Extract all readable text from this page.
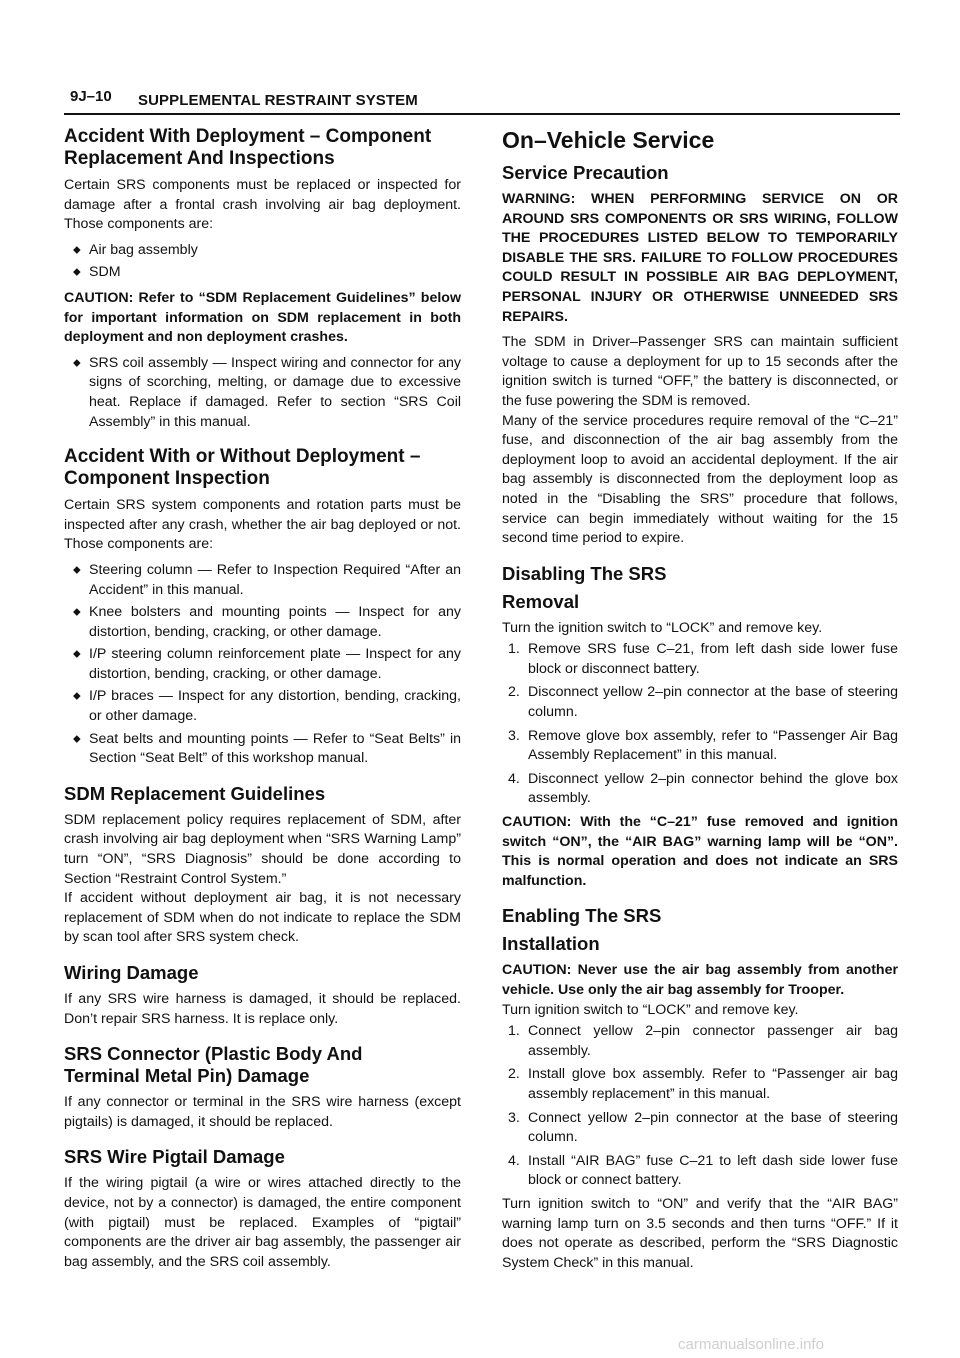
9J–10 SUPPLEMENTAL RESTRAINT SYSTEM
Accident With Deployment – Component
Replacement And Inspections

Certain SRS components must be replaced or inspected for damage after a frontal crash involving air bag deployment. Those components are:

⬥ Air bag assembly
⬥ SDM

CAUTION: Refer to “SDM Replacement Guidelines” below for important information on SDM replacement in both deployment and non deployment crashes.

⬥ SRS coil assembly — Inspect wiring and connector for any signs of scorching, melting, or damage due to excessive heat. Replace if damaged. Refer to section “SRS Coil Assembly” in this manual.
Accident With or Without Deployment –
Component Inspection

Certain SRS system components and rotation parts must be inspected after any crash, whether the air bag deployed or not. Those components are:

⬥ Steering column — Refer to Inspection Required “After an Accident” in this manual.
⬥ Knee bolsters and mounting points — Inspect for any distortion, bending, cracking, or other damage.
⬥ I/P steering column reinforcement plate — Inspect for any distortion, bending, cracking, or other damage.
⬥ I/P braces — Inspect for any distortion, bending, cracking, or other damage.
⬥ Seat belts and mounting points — Refer to “Seat Belts” in Section “Seat Belt” of this workshop manual.
SDM Replacement Guidelines

SDM replacement policy requires replacement of SDM, after crash involving air bag deployment when “SRS Warning Lamp” turn “ON”, “SRS Diagnosis” should be done according to Section “Restraint Control System.”

If accident without deployment air bag, it is not necessary replacement of SDM when do not indicate to replace the SDM by scan tool after SRS system check.

Wiring Damage

If any SRS wire harness is damaged, it should be replaced. Don’t repair SRS harness. It is replace only.

SRS Connector (Plastic Body And
Terminal Metal Pin) Damage

If any connector or terminal in the SRS wire harness (except pigtails) is damaged, it should be replaced.

SRS Wire Pigtail Damage

If the wiring pigtail (a wire or wires attached directly to the device, not by a connector) is damaged, the entire component (with pigtail) must be replaced. Examples of “pigtail” components are the driver air bag assembly, the passenger air bag assembly, and the SRS coil assembly.

On–Vehicle Service
Service Precaution
WARNING: WHEN PERFORMING SERVICE ON OR AROUND SRS COMPONENTS OR SRS WIRING, FOLLOW THE PROCEDURES LISTED BELOW TO TEMPORARILY DISABLE THE SRS. FAILURE TO FOLLOW PROCEDURES COULD RESULT IN POSSIBLE AIR BAG DEPLOYMENT, PERSONAL INJURY OR OTHERWISE UNNEEDED SRS REPAIRS.

The SDM in Driver–Passenger SRS can maintain sufficient voltage to cause a deployment for up to 15 seconds after the ignition switch is turned “OFF,” the battery is disconnected, or the fuse powering the SDM is removed.

Many of the service procedures require removal of the “C–21” fuse, and disconnection of the air bag assembly from the deployment loop to avoid an accidental deployment. If the air bag assembly is disconnected from the deployment loop as noted in the “Disabling the SRS” procedure that follows, service can begin immediately without waiting for the 15 second time period to expire.

Disabling The SRS
Removal

Turn the ignition switch to “LOCK” and remove key.

1. Remove SRS fuse C–21, from left dash side lower fuse block or disconnect battery.
2. Disconnect yellow 2–pin connector at the base of steering column.
3. Remove glove box assembly, refer to “Passenger Air Bag Assembly Replacement” in this manual.
4. Disconnect yellow 2–pin connector behind the glove box assembly.

CAUTION: With the “C–21” fuse removed and ignition switch “ON”, the “AIR BAG” warning lamp will be “ON”. This is normal operation and does not indicate an SRS malfunction.

Enabling The SRS
Installation

CAUTION: Never use the air bag assembly from another vehicle. Use only the air bag assembly for Trooper.

Turn ignition switch to “LOCK” and remove key.

1. Connect yellow 2–pin connector passenger air bag assembly.
2. Install glove box assembly. Refer to “Passenger air bag assembly replacement” in this manual.
3. Connect yellow 2–pin connector at the base of steering column.
4. Install “AIR BAG” fuse C–21 to left dash side lower fuse block or connect battery.

Turn ignition switch to “ON” and verify that the “AIR BAG” warning lamp turn on 3.5 seconds and then turns “OFF.” If it does not operate as described, perform the “SRS Diagnostic System Check” in this manual.

carmanualsonline.info
